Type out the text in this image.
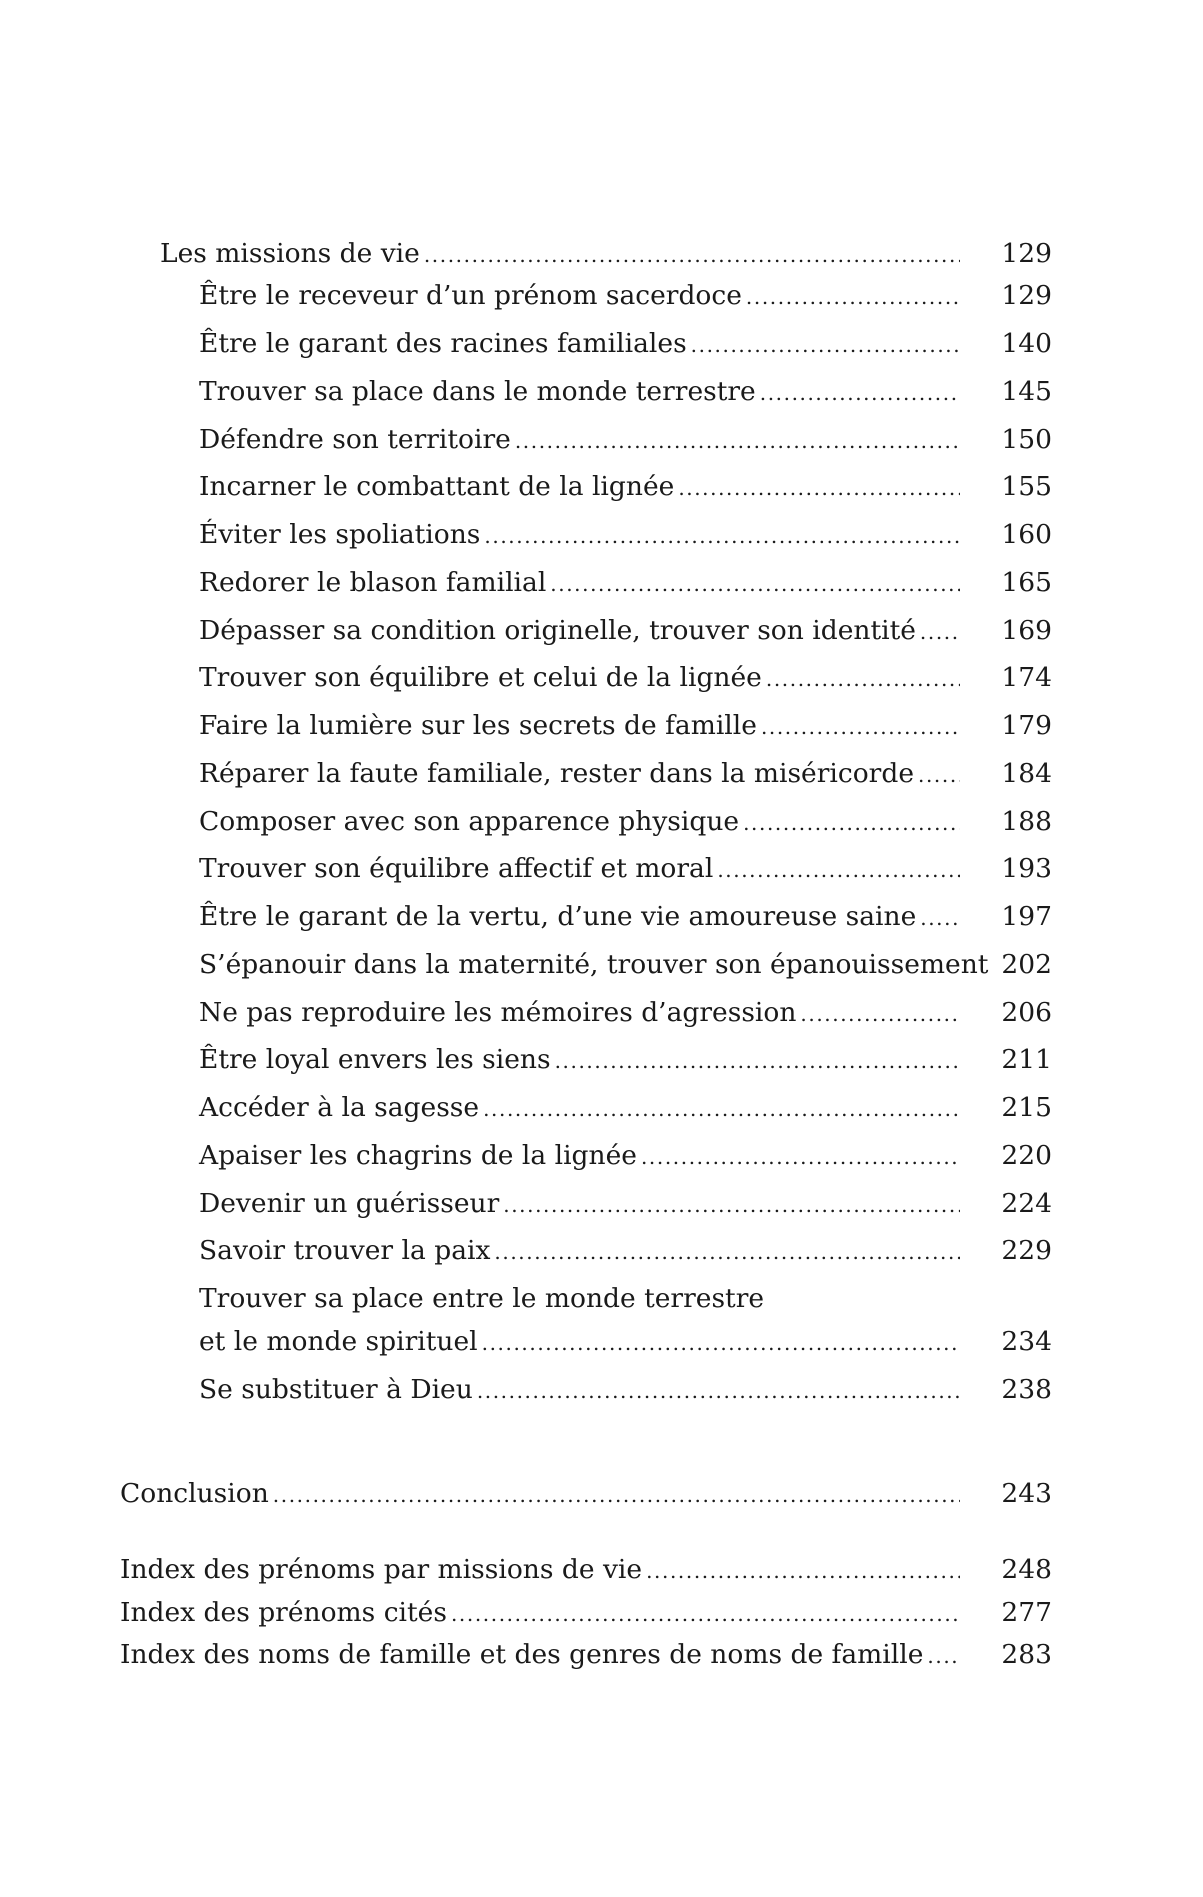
Les missions de vie .....	129
Être le receveur d’un prénom sacerdoce .....	129
Être le garant des racines familiales .....	140
Trouver sa place dans le monde terrestre .....	145
Défendre son territoire .....	150
Incarner le combattant de la lignée .....	155
Éviter les spoliations .....	160
Redorer le blason familial .....	165
Dépasser sa condition originelle, trouver son identité .....	169
Trouver son équilibre et celui de la lignée .....	174
Faire la lumière sur les secrets de famille .....	179
Réparer la faute familiale, rester dans la miséricorde .....	184
Composer avec son apparence physique .....	188
Trouver son équilibre affectif et moral .....	193
Être le garant de la vertu, d’une vie amoureuse saine .....	197
S’épanouir dans la maternité, trouver son épanouissement 202
Ne pas reproduire les mémoires d’agression .....	206
Être loyal envers les siens .....	211
Accéder à la sagesse .....	215
Apaiser les chagrins de la lignée .....	220
Devenir un guérisseur .....	224
Savoir trouver la paix .....	229
Trouver sa place entre le monde terrestre
et le monde spirituel .....	234
Se substituer à Dieu .....	238
Conclusion .....	243
Index des prénoms par missions de vie .....	248
Index des prénoms cités .....	277
Index des noms de famille et des genres de noms de famille .....	283
